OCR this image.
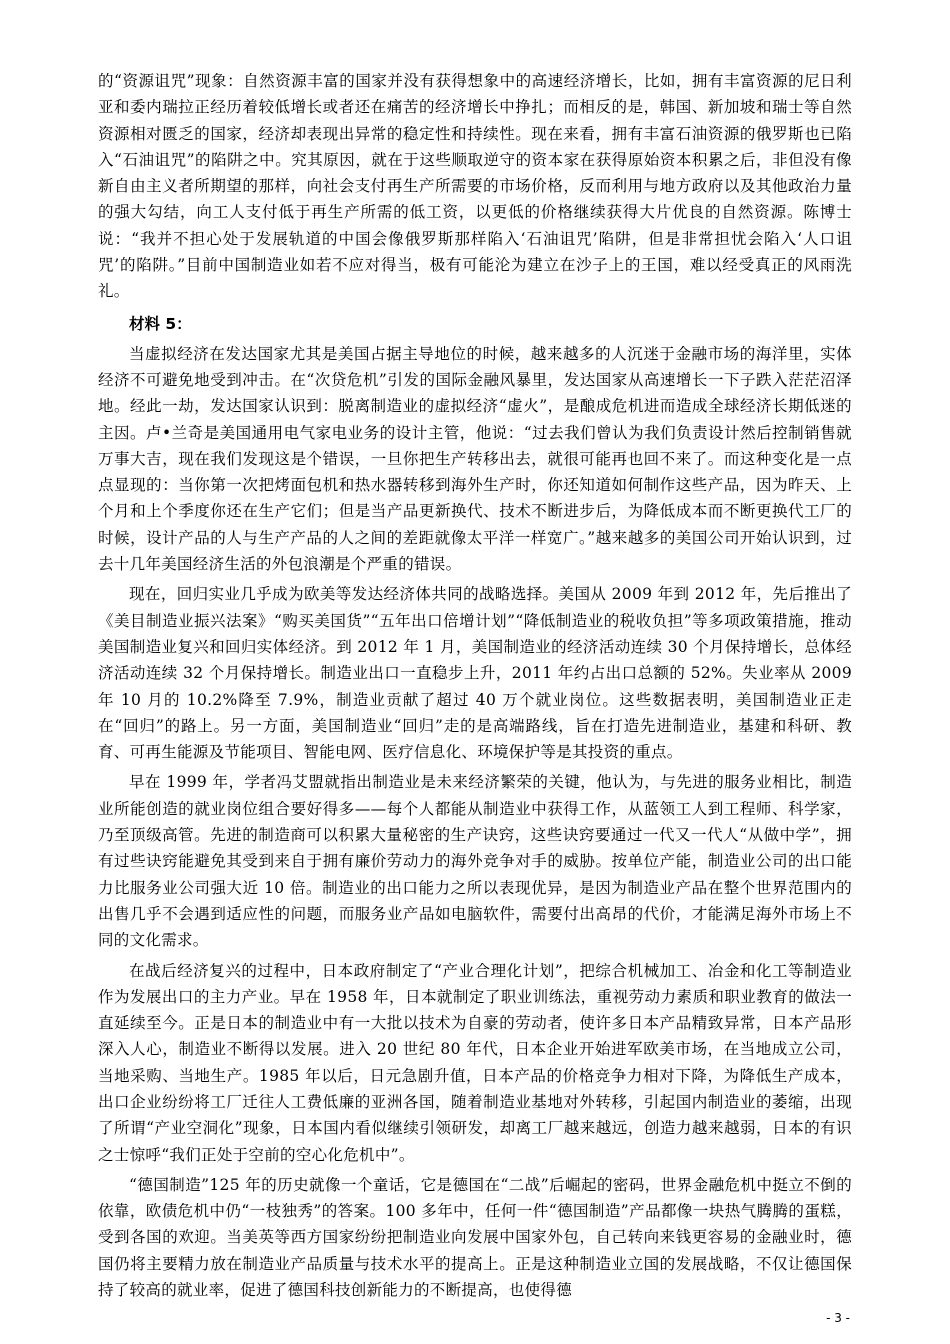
的“资源诅咒”现象：自然资源丰富的国家并没有获得想象中的高速经济增长，比如，拥有丰富资源的尼日利亚和委内瑞拉正经历着较低增长或者还在痛苦的经济增长中挣扎；而相反的是，韩国、新加坡和瑞士等自然资源相对匮乏的国家，经济却表现出异常的稳定性和持续性。现在来看，拥有丰富石油资源的俄罗斯也已陷入“石油诅咒”的陷阱之中。究其原因，就在于这些顺取逆守的资本家在获得原始资本积累之后，非但没有像新自由主义者所期望的那样，向社会支付再生产所需要的市场价格，反而利用与地方政府以及其他政治力量的强大勾结，向工人支付低于再生产所需的低工资，以更低的价格继续获得大片优良的自然资源。陈博士说：“我并不担心处于发展轨道的中国会像俄罗斯那样陷入‘石油诅咒’陷阱，但是非常担忧会陷入‘人口诅咒’的陷阱。”目前中国制造业如若不应对得当，极有可能沦为建立在沙子上的王国，难以经受真正的风雨洗礼。

材料 5：

当虚拟经济在发达国家尤其是美国占据主导地位的时候，越来越多的人沉迷于金融市场的海洋里，实体经济不可避免地受到冲击。在“次贷危机”引发的国际金融风暴里，发达国家从高速增长一下子跌入茫茫沼泽地。经此一劫，发达国家认识到：脱离制造业的虚拟经济“虚火”，是酿成危机进而造成全球经济长期低迷的主因。卢•兰奇是美国通用电气家电业务的设计主管，他说：“过去我们曾认为我们负责设计然后控制销售就万事大吉，现在我们发现这是个错误，一旦你把生产转移出去，就很可能再也回不来了。而这种变化是一点点显现的：当你第一次把烤面包机和热水器转移到海外生产时，你还知道如何制作这些产品，因为昨天、上个月和上个季度你还在生产它们；但是当产品更新换代、技术不断进步后，为降低成本而不断更换代工厂的时候，设计产品的人与生产产品的人之间的差距就像太平洋一样宽广。”越来越多的美国公司开始认识到，过去十几年美国经济生活的外包浪潮是个严重的错误。

现在，回归实业几乎成为欧美等发达经济体共同的战略选择。美国从 2009 年到 2012 年，先后推出了《美目制造业振兴法案》“购买美国货”“五年出口倍增计划”“降低制造业的税收负担”等多项政策措施，推动美国制造业复兴和回归实体经济。到 2012 年 1 月，美国制造业的经济活动连续 30 个月保持增长，总体经济活动连续 32 个月保持增长。制造业出口一直稳步上升，2011 年约占出口总额的 52%。失业率从 2009 年 10 月的 10.2%降至 7.9%，制造业贡献了超过 40 万个就业岗位。这些数据表明，美国制造业正走在“回归”的路上。另一方面，美国制造业“回归”走的是高端路线，旨在打造先进制造业，基建和科研、教育、可再生能源及节能项目、智能电网、医疗信息化、环境保护等是其投资的重点。

早在 1999 年，学者冯艾盟就指出制造业是未来经济繁荣的关键，他认为，与先进的服务业相比，制造业所能创造的就业岗位组合要好得多——每个人都能从制造业中获得工作，从蓝领工人到工程师、科学家，乃至顶级高管。先进的制造商可以积累大量秘密的生产诀窍，这些诀窍要通过一代又一代人“从做中学”，拥有过些诀窍能避免其受到来自于拥有廉价劳动力的海外竞争对手的威胁。按单位产能，制造业公司的出口能力比服务业公司强大近 10 倍。制造业的出口能力之所以表现优异，是因为制造业产品在整个世界范围内的出售几乎不会遇到适应性的问题，而服务业产品如电脑软件，需要付出高昂的代价，才能满足海外市场上不同的文化需求。

在战后经济复兴的过程中，日本政府制定了“产业合理化计划”，把综合机械加工、冶金和化工等制造业作为发展出口的主力产业。早在 1958 年，日本就制定了职业训练法，重视劳动力素质和职业教育的做法一直延续至今。正是日本的制造业中有一大批以技术为自豪的劳动者，使许多日本产品精致异常，日本产品形深入人心，制造业不断得以发展。进入 20 世纪 80 年代，日本企业开始进军欧美市场，在当地成立公司，当地采购、当地生产。1985 年以后，日元急剧升值，日本产品的价格竞争力相对下降，为降低生产成本，出口企业纷纷将工厂迁往人工费低廉的亚洲各国，随着制造业基地对外转移，引起国内制造业的萎缩，出现了所谓“产业空洞化”现象，日本国内看似继续引领研发，却离工厂越来越远，创造力越来越弱，日本的有识之士惊呼“我们正处于空前的空心化危机中”。

“德国制造”125 年的历史就像一个童话，它是德国在“二战”后崛起的密码，世界金融危机中挺立不倒的依靠，欧债危机中仍“一枝独秀”的答案。100 多年中，任何一件“德国制造”产品都像一块热气腾腾的蛋糕，受到各国的欢迎。当美英等西方国家纷纷把制造业向发展中国家外包，自己转向来钱更容易的金融业时，德国仍将主要精力放在制造业产品质量与技术水平的提高上。正是这种制造业立国的发展战略，不仅让德国保持了较高的就业率，促进了德国科技创新能力的不断提高，也使得德

- 3 -
